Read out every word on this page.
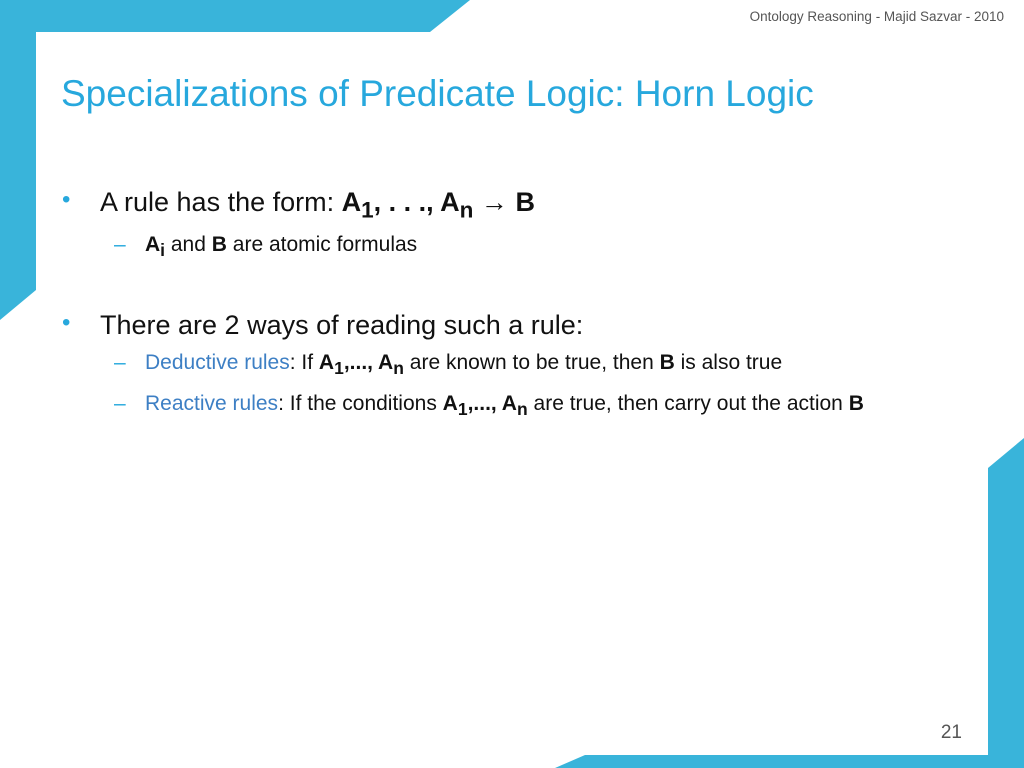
Ontology Reasoning - Majid Sazvar - 2010
Specializations of Predicate Logic: Horn Logic
• A rule has the form: $A_1$, . . ., $A_n \to B$
– $A_i$ and B are atomic formulas
• There are 2 ways of reading such a rule:
– Deductive rules: If $A_1$,..., $A_n$ are known to be true, then B is also true
– Reactive rules: If the conditions $A_1$,..., $A_n$ are true, then carry out the action B
21
